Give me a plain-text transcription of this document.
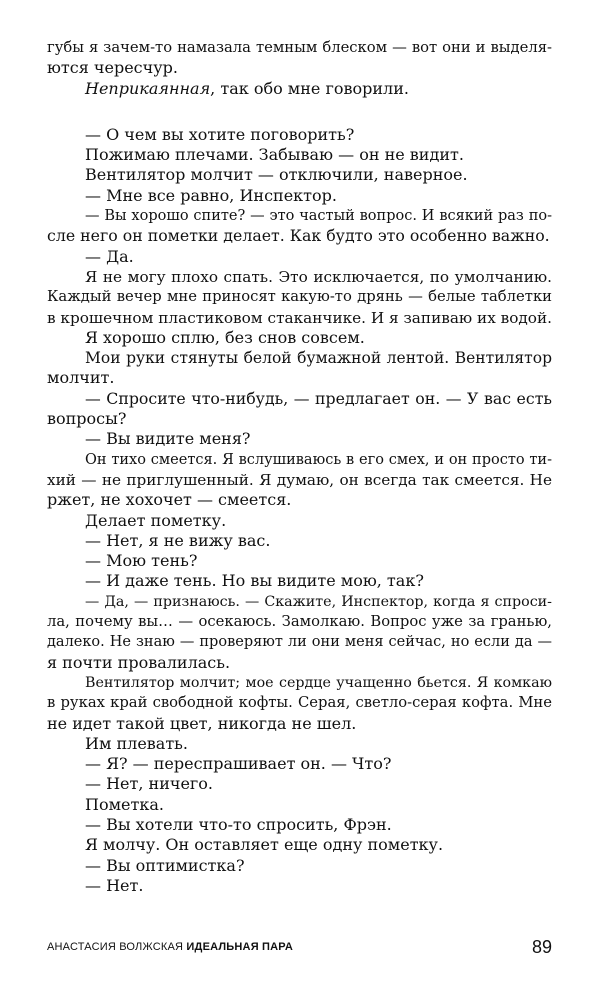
губы я зачем-то намазала темным блеском — вот они и выделя-
ются чересчур.
Неприкаянная, так обо мне говорили.
— О чем вы хотите поговорить?
Пожимаю плечами. Забываю — он не видит.
Вентилятор молчит — отключили, наверное.
— Мне все равно, Инспектор.
— Вы хорошо спите? — это частый вопрос. И всякий раз по-
сле него он пометки делает. Как будто это особенно важно.
— Да.
Я не могу плохо спать. Это исключается, по умолчанию.
Каждый вечер мне приносят какую-то дрянь — белые таблетки
в крошечном пластиковом стаканчике. И я запиваю их водой.
Я хорошо сплю, без снов совсем.
Мои руки стянуты белой бумажной лентой. Вентилятор
молчит.
— Спросите что-нибудь, — предлагает он. — У вас есть
вопросы?
— Вы видите меня?
Он тихо смеется. Я вслушиваюсь в его смех, и он просто ти-
хий — не приглушенный. Я думаю, он всегда так смеется. Не
ржет, не хохочет — смеется.
Делает пометку.
— Нет, я не вижу вас.
— Мою тень?
— И даже тень. Но вы видите мою, так?
— Да, — признаюсь. — Скажите, Инспектор, когда я спроси-
ла, почему вы… — осекаюсь. Замолкаю. Вопрос уже за гранью,
далеко. Не знаю — проверяют ли они меня сейчас, но если да —
я почти провалилась.
Вентилятор молчит; мое сердце учащенно бьется. Я комкаю
в руках край свободной кофты. Серая, светло-серая кофта. Мне
не идет такой цвет, никогда не шел.
Им плевать.
— Я? — переспрашивает он. — Что?
— Нет, ничего.
Пометка.
— Вы хотели что-то спросить, Фрэн.
Я молчу. Он оставляет еще одну пометку.
— Вы оптимистка?
— Нет.
АНАСТАСИЯ ВОЛЖСКАЯ ИДЕАЛЬНАЯ ПАРА	89
